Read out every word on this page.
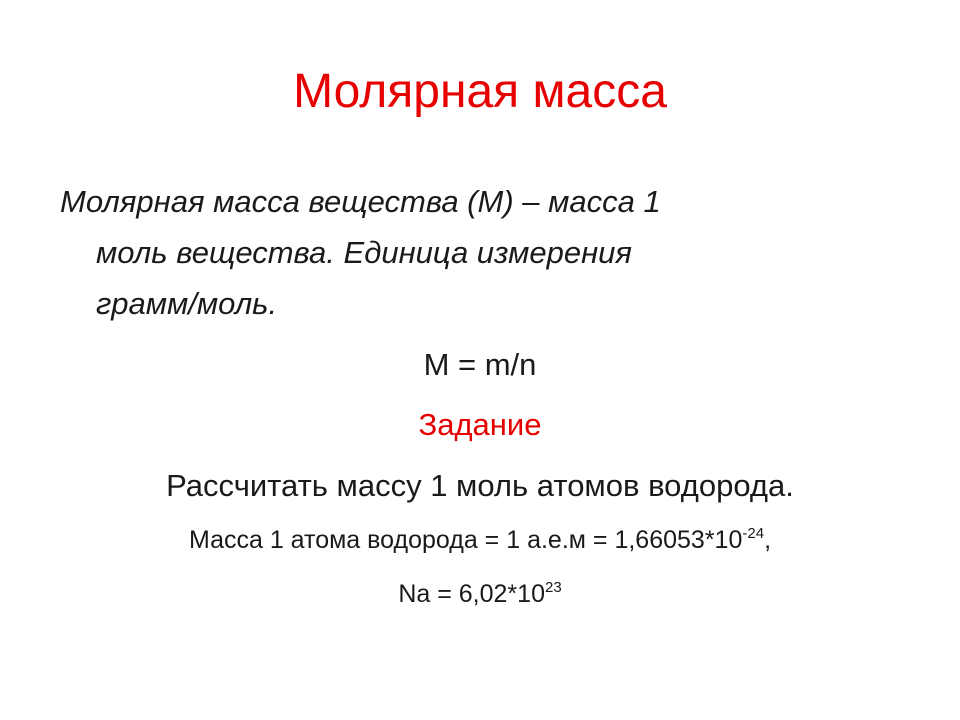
Молярная масса
Молярная масса вещества (M) – масса 1
моль вещества. Единица измерения
грамм/моль.
M = m/n
Задание
Рассчитать массу 1 моль атомов водорода.
Масса 1 атома водорода = 1 $а.е.м = 1,66053*10^{-24}$,
$Na = 6,02*10^{23}$
